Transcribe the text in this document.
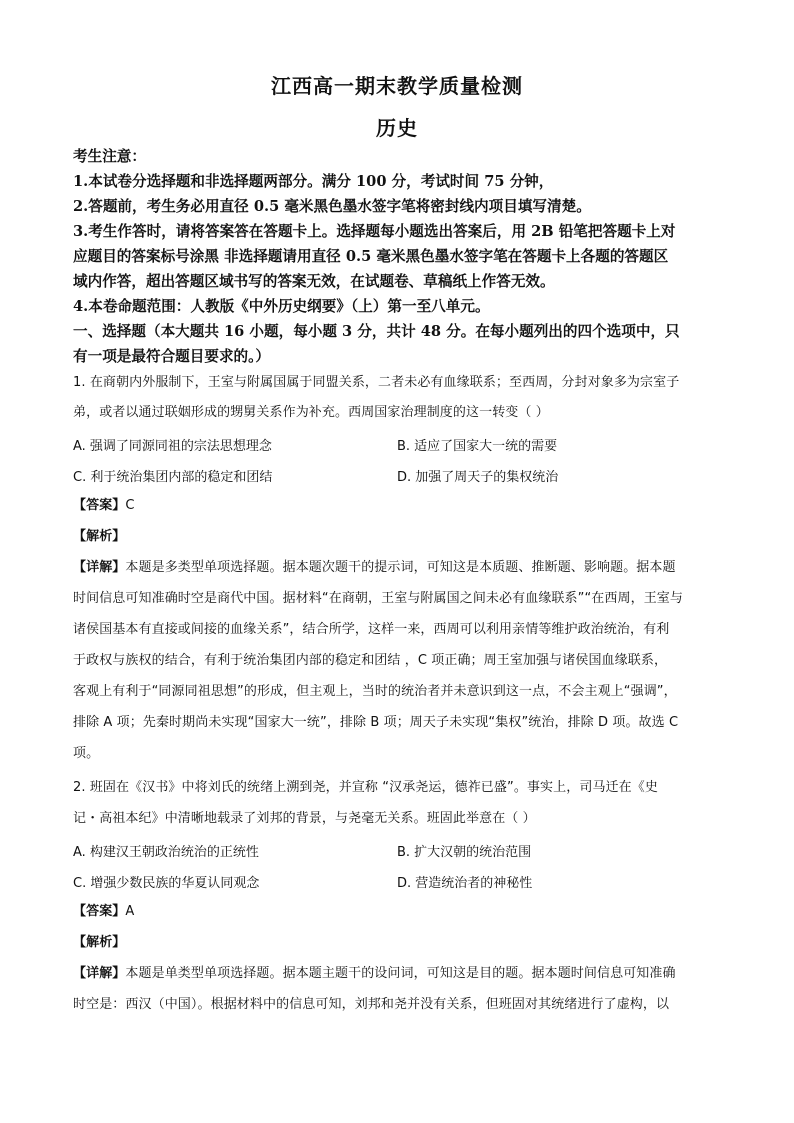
江西高一期末教学质量检测
历史
考生注意：
1.本试卷分选择题和非选择题两部分。满分 100 分，考试时间 75 分钟，
2.答题前，考生务必用直径 0.5 毫米黑色墨水签字笔将密封线内项目填写清楚。
3.考生作答时，请将答案答在答题卡上。选择题每小题选出答案后，用 2B 铅笔把答题卡上对
应题目的答案标号涂黑 非选择题请用直径 0.5 毫米黑色墨水签字笔在答题卡上各题的答题区
域内作答，超出答题区域书写的答案无效，在试题卷、草稿纸上作答无效。
4.本卷命题范围：人教版《中外历史纲要》（上）第一至八单元。
一、选择题（本大题共 16 小题，每小题 3 分，共计 48 分。在每小题列出的四个选项中，只
有一项是最符合题目要求的。）
1. 在商朝内外服制下，王室与附属国属于同盟关系，二者未必有血缘联系；至西周，分封对象多为宗室子
弟，或者以通过联姻形成的甥舅关系作为补充。西周国家治理制度的这一转变（ ）
A. 强调了同源同祖的宗法思想理念	B. 适应了国家大一统的需要
C. 利于统治集团内部的稳定和团结	D. 加强了周天子的集权统治
【答案】C
【解析】
【详解】本题是多类型单项选择题。据本题次题干的提示词，可知这是本质题、推断题、影响题。据本题
时间信息可知准确时空是商代中国。据材料“在商朝，王室与附属国之间未必有血缘联系”“在西周，王室与
诸侯国基本有直接或间接的血缘关系”，结合所学，这样一来，西周可以利用亲情等维护政治统治，有利
于政权与族权的结合，有利于统治集团内部的稳定和团结 ，C 项正确；周王室加强与诸侯国血缘联系，
客观上有利于“同源同祖思想”的形成，但主观上，当时的统治者并未意识到这一点，不会主观上“强调”，
排除 A 项；先秦时期尚未实现“国家大一统”，排除 B 项；周天子未实现“集权”统治，排除 D 项。故选 C
项。
2. 班固在《汉书》中将刘氏的统绪上溯到尧，并宣称 “汉承尧运，德祚已盛”。事实上，司马迁在《史
记・高祖本纪》中清晰地载录了刘邦的背景，与尧毫无关系。班固此举意在（ ）
A. 构建汉王朝政治统治的正统性	B. 扩大汉朝的统治范围
C. 增强少数民族的华夏认同观念	D. 营造统治者的神秘性
【答案】A
【解析】
【详解】本题是单类型单项选择题。据本题主题干的设问词，可知这是目的题。据本题时间信息可知准确
时空是：西汉（中国）。根据材料中的信息可知，刘邦和尧并没有关系，但班固对其统绪进行了虚构，以
